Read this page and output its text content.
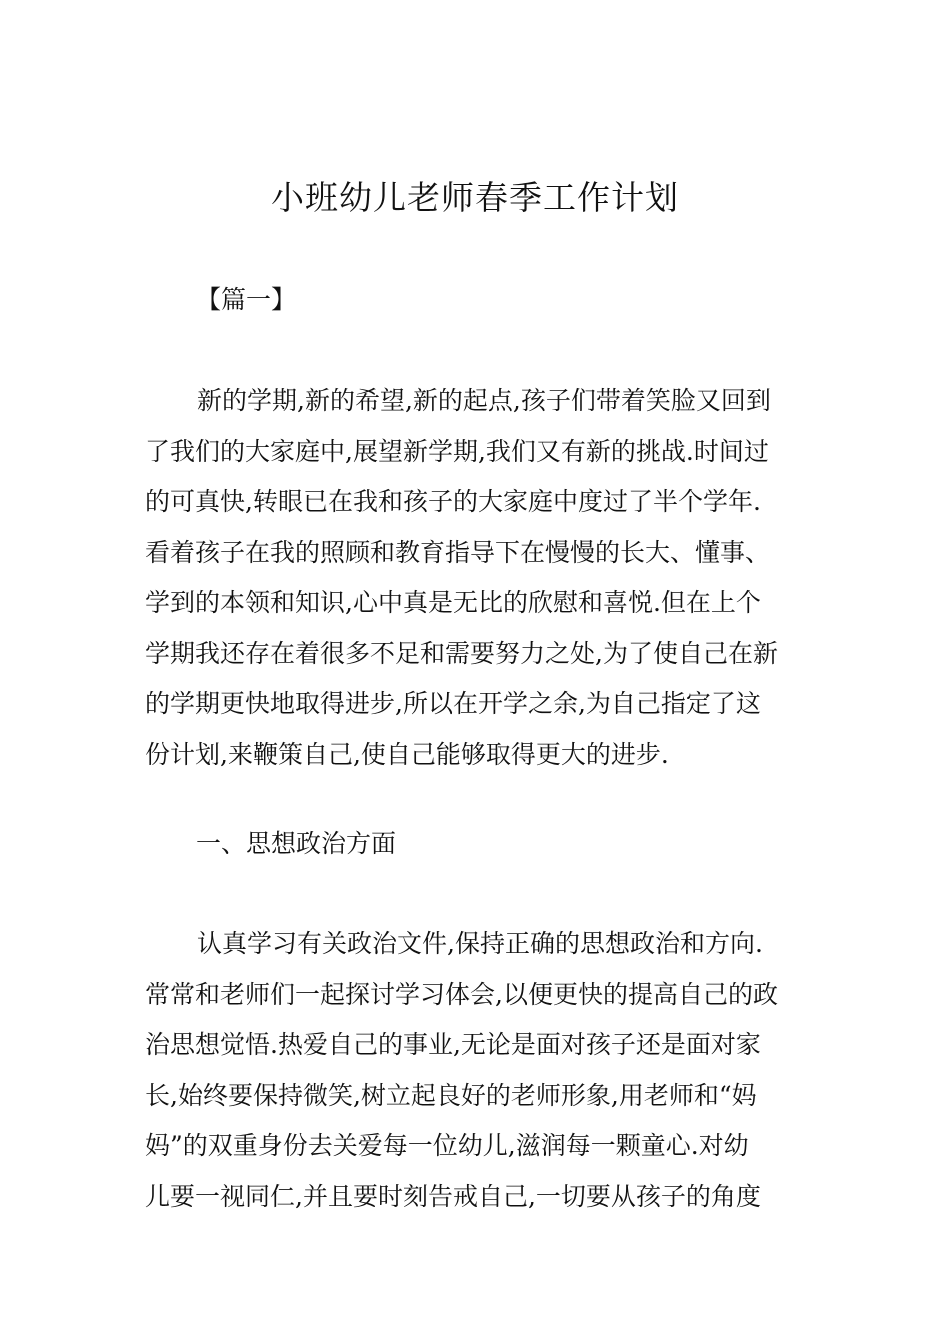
小班幼儿老师春季工作计划
【篇一】
新的学期,新的希望,新的起点,孩子们带着笑脸又回到
了我们的大家庭中,展望新学期,我们又有新的挑战.时间过
的可真快,转眼已在我和孩子的大家庭中度过了半个学年.
看着孩子在我的照顾和教育指导下在慢慢的长大、懂事、
学到的本领和知识,心中真是无比的欣慰和喜悦.但在上个
学期我还存在着很多不足和需要努力之处,为了使自己在新
的学期更快地取得进步,所以在开学之余,为自己指定了这
份计划,来鞭策自己,使自己能够取得更大的进步.
一、思想政治方面
认真学习有关政治文件,保持正确的思想政治和方向.
常常和老师们一起探讨学习体会,以便更快的提高自己的政
治思想觉悟.热爱自己的事业,无论是面对孩子还是面对家
长,始终要保持微笑,树立起良好的老师形象,用老师和“妈
妈”的双重身份去关爱每一位幼儿,滋润每一颗童心.对幼
儿要一视同仁,并且要时刻告戒自己,一切要从孩子的角度
